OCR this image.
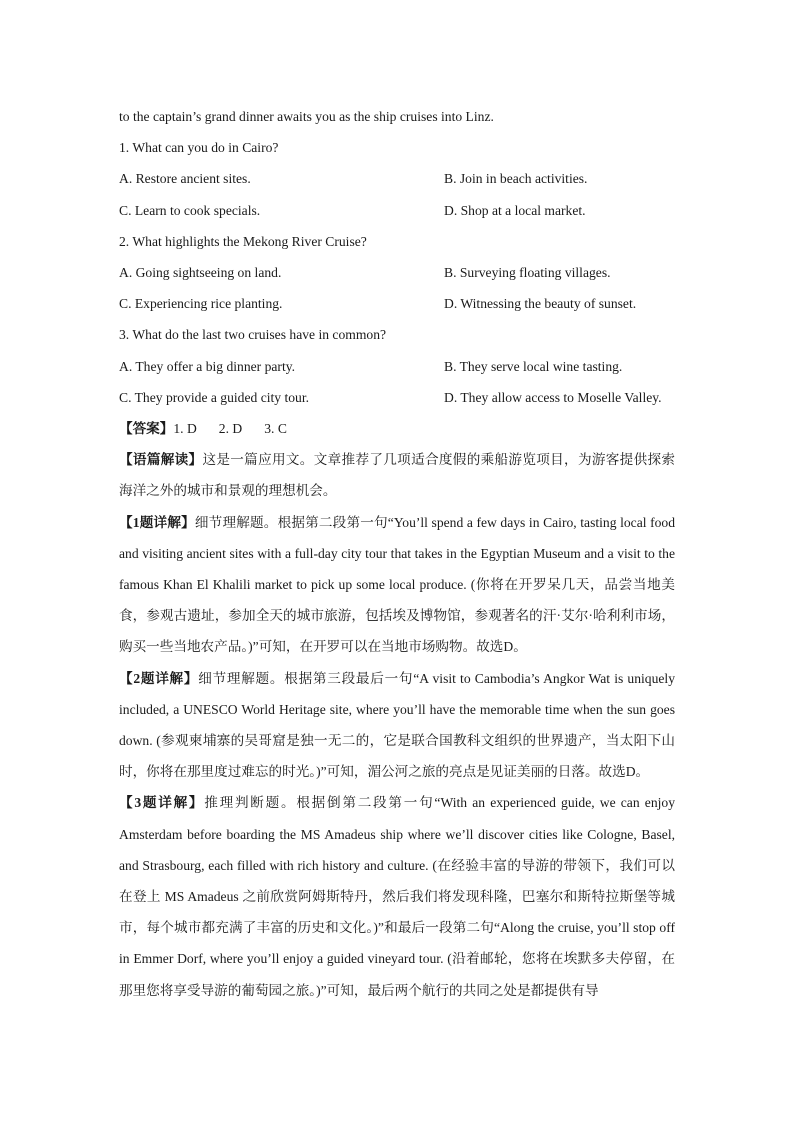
to the captain’s grand dinner awaits you as the ship cruises into Linz.
1. What can you do in Cairo?
A. Restore ancient sites.	B. Join in beach activities.
C. Learn to cook specials.	D. Shop at a local market.
2. What highlights the Mekong River Cruise?
A. Going sightseeing on land.	B. Surveying floating villages.
C. Experiencing rice planting.	D. Witnessing the beauty of sunset.
3. What do the last two cruises have in common?
A. They offer a big dinner party.	B. They serve local wine tasting.
C. They provide a guided city tour.	D. They allow access to Moselle Valley.
【答案】1. D 2. D 3. C
【语篇解读】这是一篇应用文。文章推荐了几项适合度假的乘船游览项目，为游客提供探索海洋之外的城市和景观的理想机会。
【1题详解】细节理解题。根据第二段第一句“You’ll spend a few days in Cairo, tasting local food and visiting ancient sites with a full-day city tour that takes in the Egyptian Museum and a visit to the famous Khan El Khalili market to pick up some local produce. (你将在开罗呆几天，品尝当地美食，参观古遗址，参加全天的城市旅游，包括埃及博物馆，参观著名的汗·艾尔·哈利利市场，购买一些当地农产品。)”可知，在开罗可以在当地市场购物。故选D。
【2题详解】细节理解题。根据第三段最后一句“A visit to Cambodia’s Angkor Wat is uniquely included, a UNESCO World Heritage site, where you’ll have the memorable time when the sun goes down. (参观柬埔寨的吴哥窟是独一无二的，它是联合国教科文组织的世界遗产，当太阳下山时，你将在那里度过难忘的时光。)”可知，湄公河之旅的亮点是见证美丽的日落。故选D。
【3题详解】推理判断题。根据倒第二段第一句“With an experienced guide, we can enjoy Amsterdam before boarding the MS Amadeus ship where we’ll discover cities like Cologne, Basel, and Strasbourg, each filled with rich history and culture. (在经验丰富的导游的带领下，我们可以在登上 MS Amadeus 之前欣赏阿姆斯特丹，然后我们将发现科隆，巴塞尔和斯特拉斯堡等城市，每个城市都充满了丰富的历史和文化。)”和最后一段第二句“Along the cruise, you’ll stop off in Emmer Dorf, where you’ll enjoy a guided vineyard tour. (沿着邮轮，您将在埃默多夫停留，在那里您将享受导游的葡萄园之旅。)”可知，最后两个航行的共同之处是都提供有导
